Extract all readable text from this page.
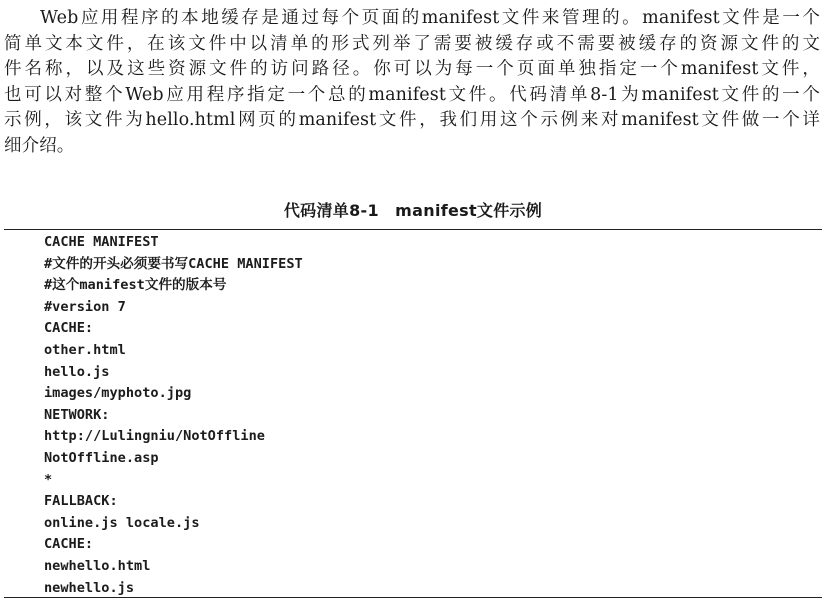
Web应用程序的本地缓存是通过每个页面的manifest文件来管理的。manifest文件是一个
简单文本文件，在该文件中以清单的形式列举了需要被缓存或不需要被缓存的资源文件的文
件名称，以及这些资源文件的访问路径。你可以为每一个页面单独指定一个manifest文件，
也可以对整个Web应用程序指定一个总的manifest文件。代码清单8-1为manifest文件的一个
示例，该文件为hello.html网页的manifest文件，我们用这个示例来对manifest文件做一个详
细介绍。
代码清单8-1　manifest文件示例
CACHE MANIFEST
#文件的开头必须要书写CACHE MANIFEST
#这个manifest文件的版本号
#version 7
CACHE:
other.html
hello.js
images/myphoto.jpg
NETWORK:
http://Lulingniu/NotOffline
NotOffline.asp
*
FALLBACK:
online.js locale.js
CACHE:
newhello.html
newhello.js
